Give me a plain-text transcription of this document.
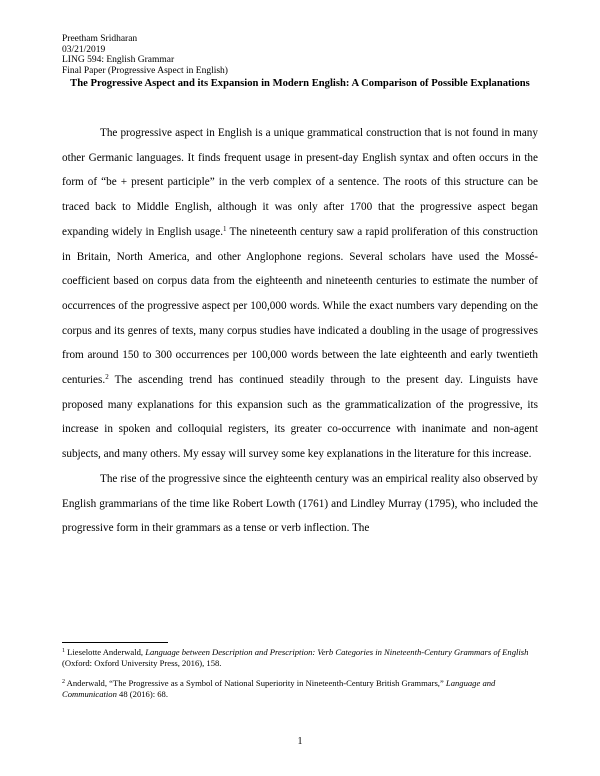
Preetham Sridharan
03/21/2019
LING 594: English Grammar
Final Paper (Progressive Aspect in English)
The Progressive Aspect and its Expansion in Modern English: A Comparison of Possible Explanations

The progressive aspect in English is a unique grammatical construction that is not found in many other Germanic languages. It finds frequent usage in present-day English syntax and often occurs in the form of “be + present participle” in the verb complex of a sentence. The roots of this structure can be traced back to Middle English, although it was only after 1700 that the progressive aspect began expanding widely in English usage.$^1$ The nineteenth century saw a rapid proliferation of this construction in Britain, North America, and other Anglophone regions. Several scholars have used the Mossé-coefficient based on corpus data from the eighteenth and nineteenth centuries to estimate the number of occurrences of the progressive aspect per 100,000 words. While the exact numbers vary depending on the corpus and its genres of texts, many corpus studies have indicated a doubling in the usage of progressives from around 150 to 300 occurrences per 100,000 words between the late eighteenth and early twentieth centuries.$^2$ The ascending trend has continued steadily through to the present day. Linguists have proposed many explanations for this expansion such as the grammaticalization of the progressive, its increase in spoken and colloquial registers, its greater co-occurrence with inanimate and non-agent subjects, and many others. My essay will survey some key explanations in the literature for this increase.

The rise of the progressive since the eighteenth century was an empirical reality also observed by English grammarians of the time like Robert Lowth (1761) and Lindley Murray (1795), who included the progressive form in their grammars as a tense or verb inflection. The

$^1$ Lieselotte Anderwald, Language between Description and Prescription: Verb Categories in Nineteenth-Century Grammars of English (Oxford: Oxford University Press, 2016), 158.
$^2$ Anderwald, “The Progressive as a Symbol of National Superiority in Nineteenth-Century British Grammars,” Language and Communication 48 (2016): 68.
1
